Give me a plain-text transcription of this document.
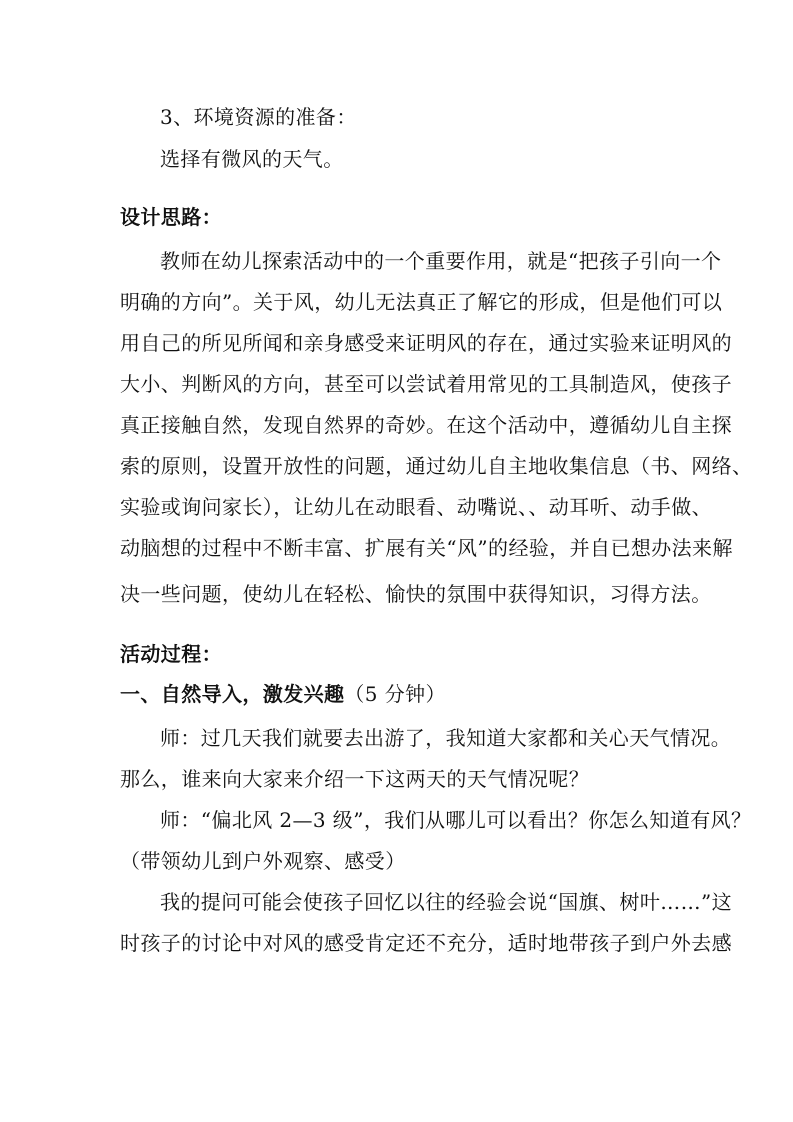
3、环境资源的准备：
选择有微风的天气。
设计思路：
教师在幼儿探索活动中的一个重要作用，就是“把孩子引向一个
明确的方向”。关于风，幼儿无法真正了解它的形成，但是他们可以
用自己的所见所闻和亲身感受来证明风的存在，通过实验来证明风的
大小、判断风的方向，甚至可以尝试着用常见的工具制造风，使孩子
真正接触自然，发现自然界的奇妙。在这个活动中，遵循幼儿自主探
索的原则，设置开放性的问题，通过幼儿自主地收集信息（书、网络、
实验或询问家长），让幼儿在动眼看、动嘴说、、动耳听、动手做、
动脑想的过程中不断丰富、扩展有关“风”的经验，并自已想办法来解
决一些问题，使幼儿在轻松、愉快的氛围中获得知识，习得方法。
活动过程：
一、自然导入，激发兴趣（5 分钟）
师：过几天我们就要去出游了，我知道大家都和关心天气情况。
那么，谁来向大家来介绍一下这两天的天气情况呢？
师：“偏北风 2—3 级”，我们从哪儿可以看出？你怎么知道有风？
（带领幼儿到户外观察、感受）
我的提问可能会使孩子回忆以往的经验会说“国旗、树叶……”这
时孩子的讨论中对风的感受肯定还不充分，适时地带孩子到户外去感
